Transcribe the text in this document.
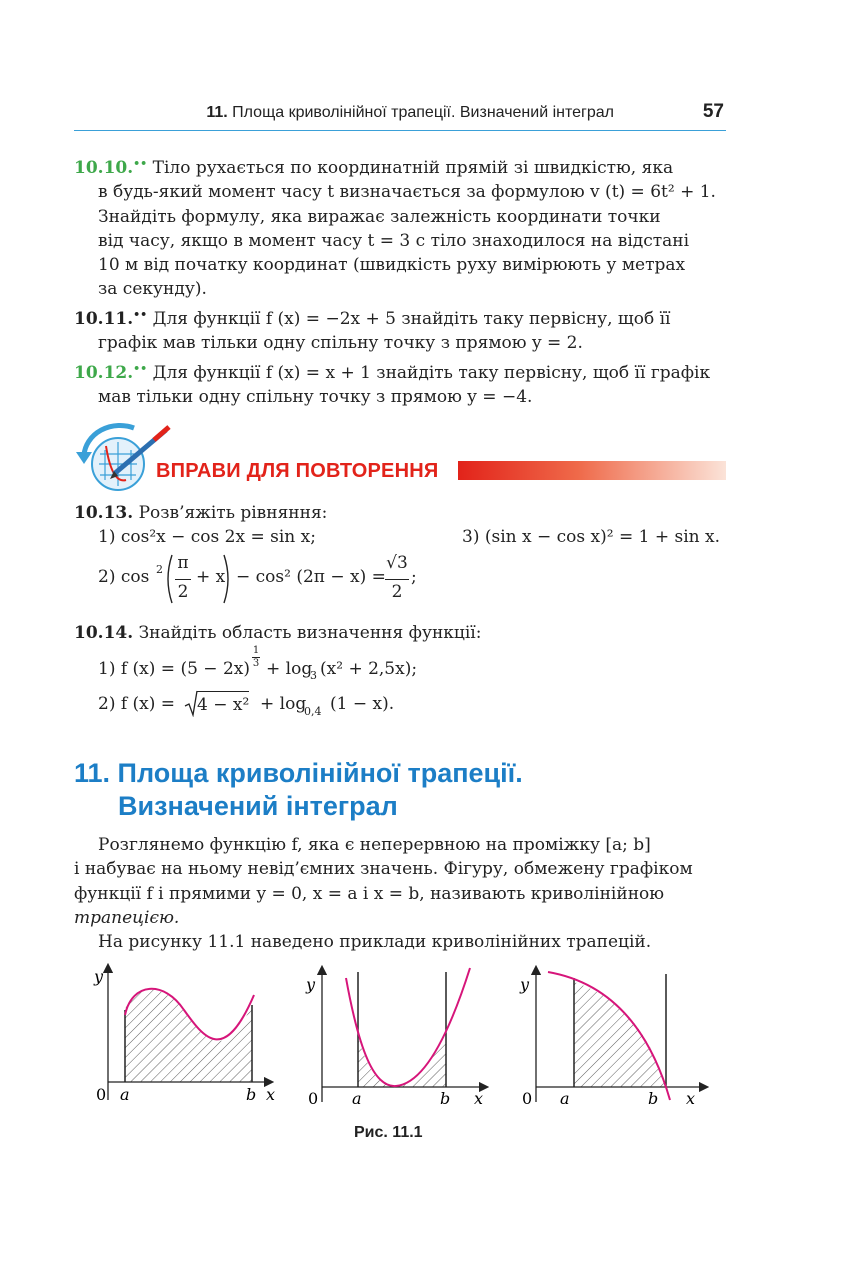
11. Площа криволінійної трапеції. Визначений інтеграл	57
10.10.•• Тіло рухається по координатній прямій зі швидкістю, яка
в будь-який момент часу t визначається за формулою v (t) = 6t² + 1.
Знайдіть формулу, яка виражає залежність координати точки
від часу, якщо в момент часу t = 3 с тіло знаходилося на відстані
10 м від початку координат (швидкість руху вимірюють у метрах
за секунду).
10.11.•• Для функції f (x) = −2x + 5 знайдіть таку первісну, щоб її
графік мав тільки одну спільну точку з прямою y = 2.
10.12.•• Для функції f (x) = x + 1 знайдіть таку первісну, щоб її графік
мав тільки одну спільну точку з прямою y = −4.
ВПРАВИ ДЛЯ ПОВТОРЕННЯ
10.13. Розв’яжіть рівняння:
1) cos²x − cos 2x = sin x;	3) (sin x − cos x)² = 1 + sin x.
2) cos 2 π
2
+ x − cos² (2π − x) =
√3
2
;
10.14. Знайдіть область визначення функції:
1) f (x) = (5 − 2x)
1
3 + log
3 (x² + 2,5x);
2) f (x) = 4 − x² + log
0,4 (1 − x).
11. Площа криволінійної трапеції.
Визначений інтеграл
Розглянемо функцію f, яка є неперервною на проміжку [a; b]
і набуває на ньому невід’ємних значень. Фігуру, обмежену графіком
функції f і прямими y = 0, x = a і x = b, називають криволінійною
трапецією.
На рисунку 11.1 наведено приклади криволінійних трапецій.
y
0 a	b x
y
0 a	b x
y
0 a	b x
Рис. 11.1
